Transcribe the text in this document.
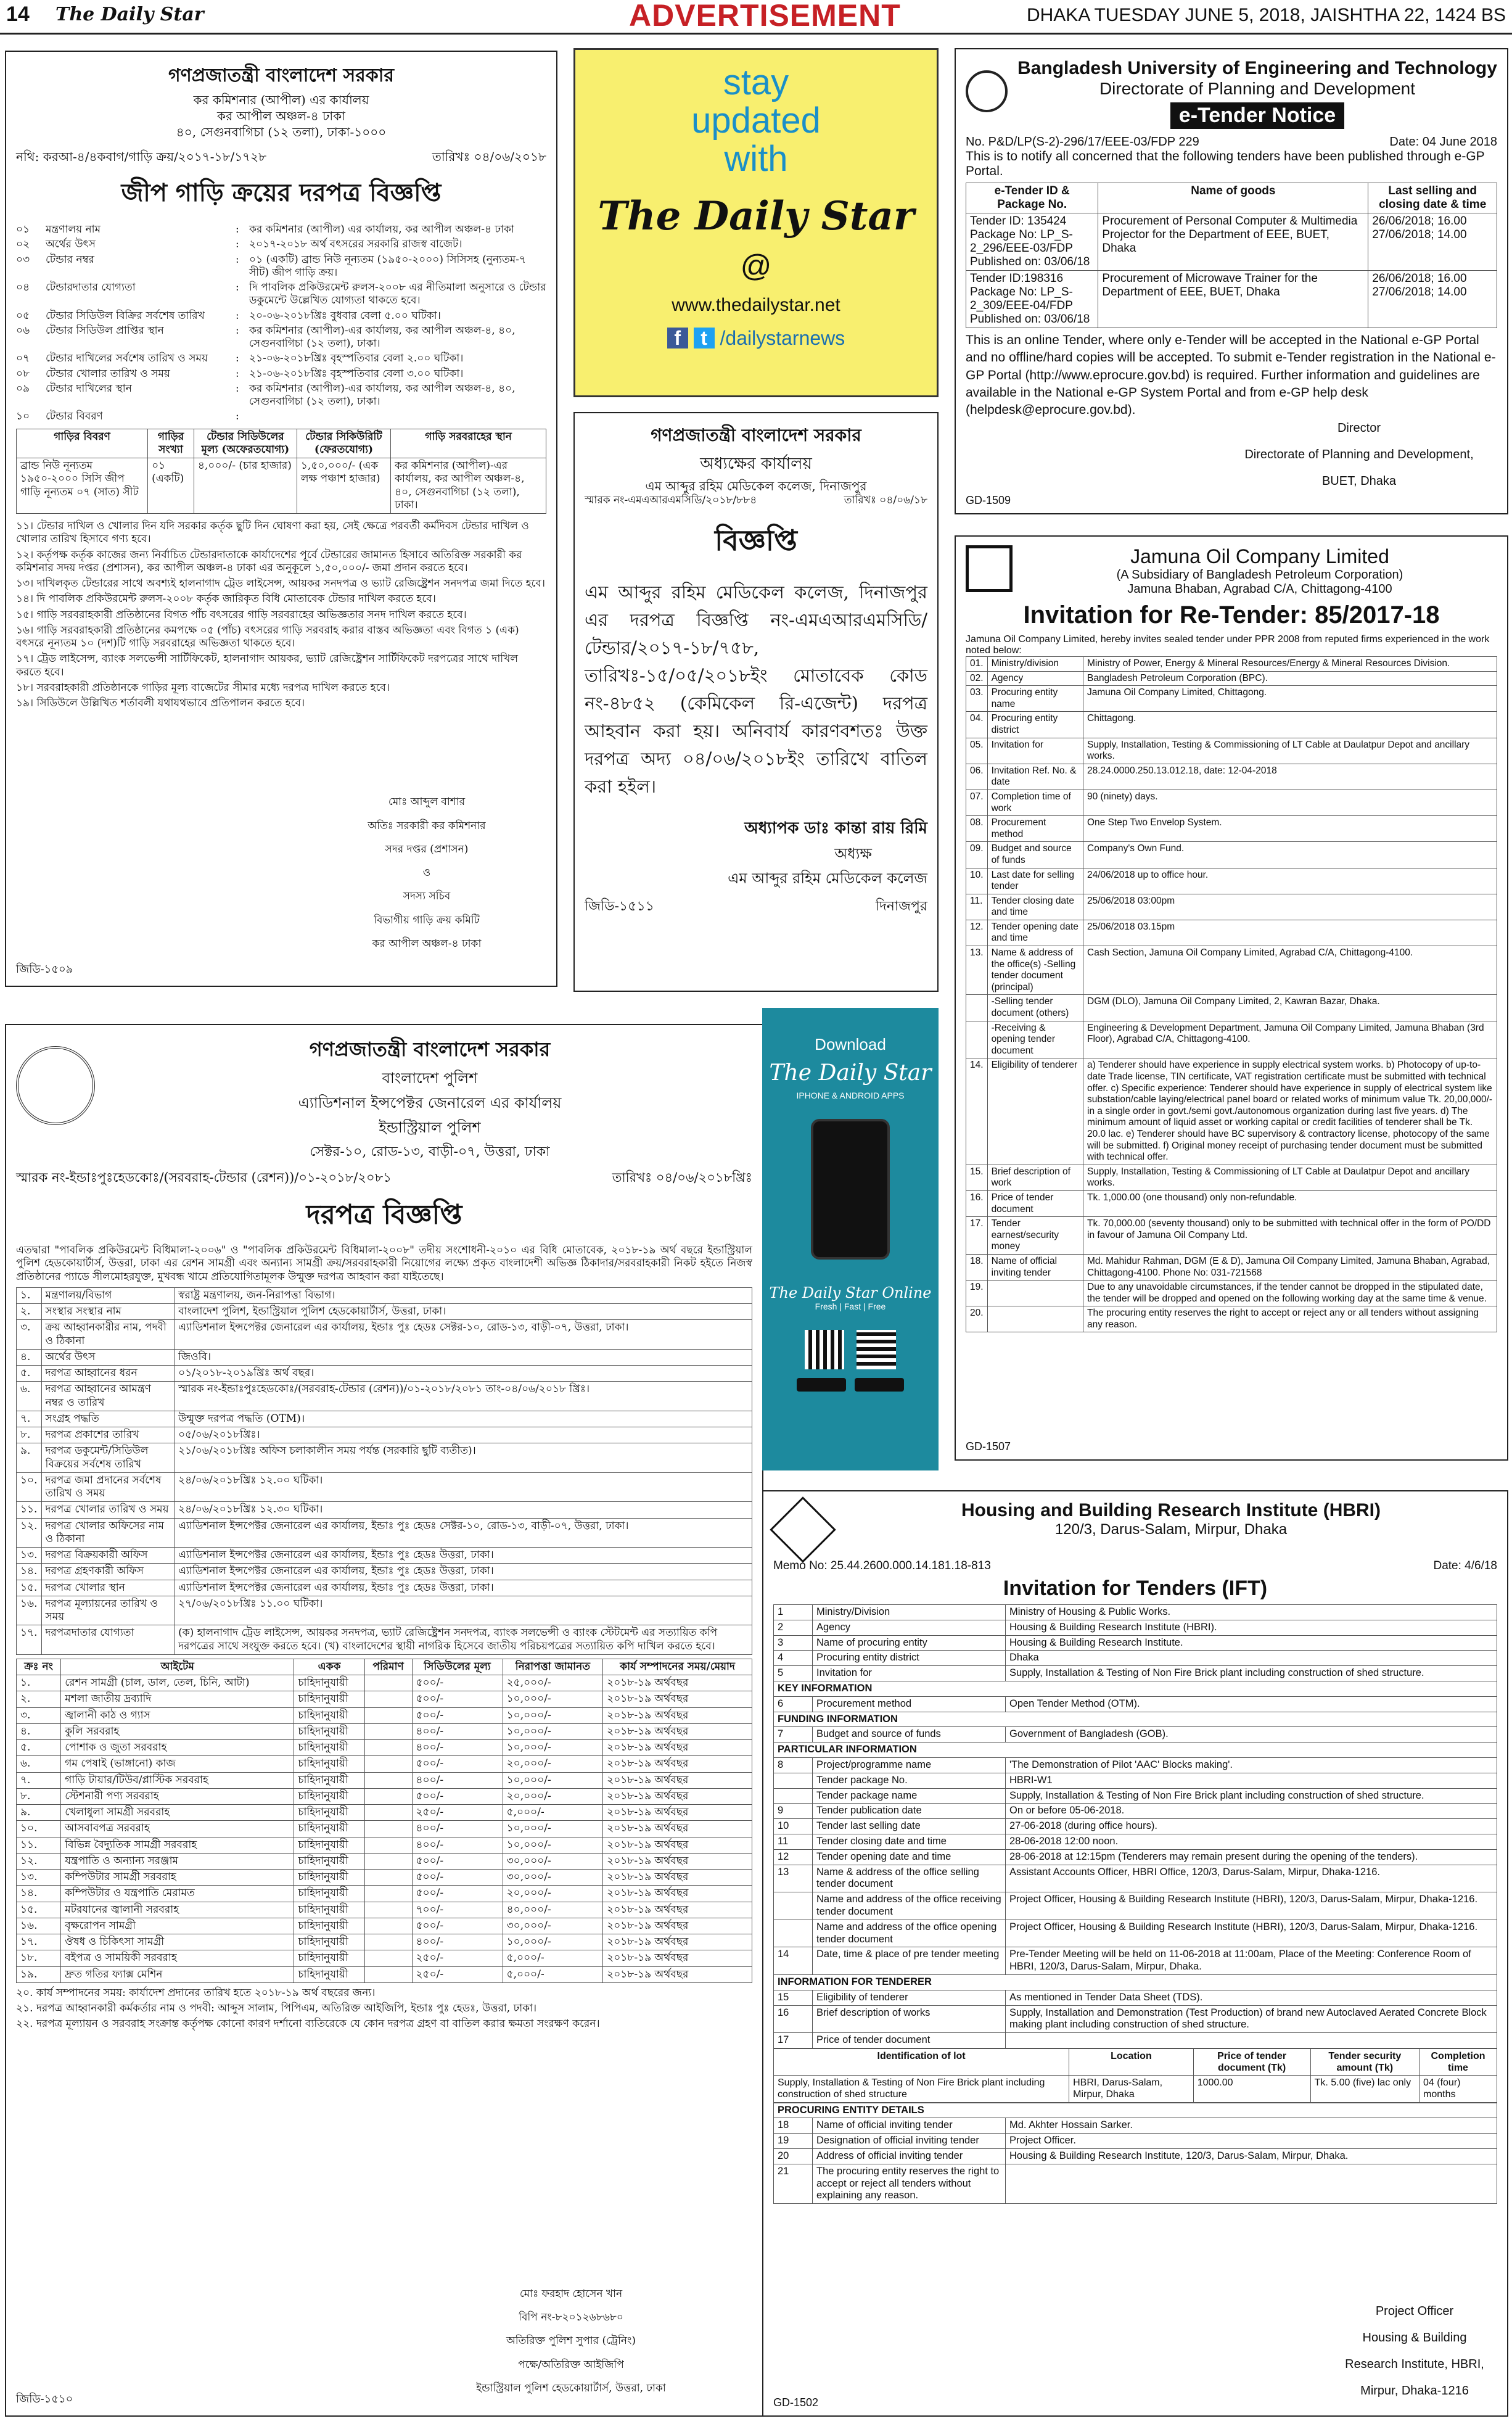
14 The Daily Star	ADVERTISEMENT	DHAKA TUESDAY JUNE 5, 2018, JAISHTHA 22, 1424 BS
গণপ্রজাতন্ত্রী বাংলাদেশ সরকার
কর কমিশনার (আপীল) এর কার্যালয়
কর আপীল অঞ্চল-৪ ঢাকা
৪০, সেগুনবাগিচা (১২ তলা), ঢাকা-১০০০
নথি: করআ-৪/৪কবাগ/গাড়ি ক্রয়/২০১৭-১৮/১৭২৮	তারিখঃ ০৪/০৬/২০১৮
জীপ গাড়ি ক্রয়ের দরপত্র বিজ্ঞপ্তি
০১	মন্ত্রণালয় নাম	: কর কমিশনার (আপীল) এর কার্যালয়, কর আপীল অঞ্চল-৪ ঢাকা
০২	অর্থের উৎস	: ২০১৭-২০১৮ অর্থ বৎসরের সরকারি রাজস্ব বাজেট।
০৩	টেন্ডার নম্বর	: ০১ (একটি) ব্রান্ড নিউ নূন্যতম (১৯৫০-২০০০) সিসিসহ (নুন্যতম-৭ সীট) জীপ গাড়ি ক্রয়।
০৪	টেন্ডারদাতার যোগ্যতা	: দি পাবলিক প্রকিউরমেন্ট রুলস-২০০৮ এর নীতিমালা অনুসারে ও টেন্ডার ডকুমেন্টে উল্লেখিত যোগ্যতা থাকতে হবে।
০৫	টেন্ডার সিডিউল বিক্রির সর্বশেষ তারিখ	: ২০-০৬-২০১৮খ্রিঃ বুধবার বেলা ৫.০০ ঘটিকা।
০৬	টেন্ডার সিডিউল প্রাপ্তির স্থান	: কর কমিশনার (আপীল)-এর কার্যালয়, কর আপীল অঞ্চল-৪, ৪০, সেগুনবাগিচা (১২ তলা), ঢাকা।
০৭	টেন্ডার দাখিলের সর্বশেষ তারিখ ও সময়	: ২১-০৬-২০১৮খ্রিঃ বৃহস্পতিবার বেলা ২.০০ ঘটিকা।
০৮	টেন্ডার খোলার তারিখ ও সময়	: ২১-০৬-২০১৮খ্রিঃ বৃহস্পতিবার বেলা ৩.০০ ঘটিকা।
০৯	টেন্ডার দাখিলের স্থান	: কর কমিশনার (আপীল)-এর কার্যালয়, কর আপীল অঞ্চল-৪, ৪০, সেগুনবাগিচা (১২ তলা), ঢাকা।
১০	টেন্ডার বিবরণ	:
গাড়ির বিবরণ	গাড়ির সংখ্যা	টেন্ডার সিডিউলের মূল্য (অফেরতযোগ্য)	টেন্ডার সিকিউরিটি (ফেরতযোগ্য)	গাড়ি সরবরাহের স্থান
ব্রান্ড নিউ নূন্যতম ১৯৫০-২০০০ সিসি জীপ গাড়ি নূন্যতম ০৭ (সাত) সীট	০১ (একটি)	৪,০০০/- (চার হাজার)	১,৫০,০০০/- (এক লক্ষ পঞ্চাশ হাজার)	কর কমিশনার (আপীল)-এর কার্যালয়, কর আপীল অঞ্চল-৪, ৪০, সেগুনবাগিচা (১২ তলা), ঢাকা।

১১। টেন্ডার দাখিল ও খোলার দিন যদি সরকার কর্তৃক ছুটি দিন ঘোষণা করা হয়, সেই ক্ষেত্রে পরবর্তী কর্মদিবস টেন্ডার দাখিল ও খোলার তারিখ হিসাবে গণ্য হবে।

১২। কর্তৃপক্ষ কর্তৃক কাজের জন্য নির্বাচিত টেন্ডারদাতাকে কার্যাদেশের পূর্বে টেন্ডারের জামানত হিসাবে অতিরিক্ত সরকারী কর কমিশনার সদয় দপ্তর (প্রশাসন), কর আপীল অঞ্চল-৪ ঢাকা এর অনুকূলে ১,৫০,০০০/- জমা প্রদান করতে হবে।

১৩। দাখিলকৃত টেন্ডারের সাথে অবশ্যই হালনাগাদ ট্রেড লাইসেন্স, আয়কর সনদপত্র ও ভ্যাট রেজিষ্ট্রেশন সনদপত্র জমা দিতে হবে।

১৪। দি পাবলিক প্রকিউরমেন্ট রুলস-২০০৮ কর্তৃক জারিকৃত বিধি মোতাবেক টেন্ডার দাখিল করতে হবে।

১৫। গাড়ি সরবরাহকারী প্রতিষ্ঠানের বিগত পাঁচ বৎসরের গাড়ি সরবরাহের অভিজ্ঞতার সনদ দাখিল করতে হবে।

১৬। গাড়ি সরবরাহকারী প্রতিষ্ঠানের কমপক্ষে ০৫ (পাঁচ) বৎসরের গাড়ি সরবরাহ করার বাস্তব অভিজ্ঞতা এবং বিগত ১ (এক) বৎসরে নূন্যতম ১০ (দশ)টি গাড়ি সরবরাহের অভিজ্ঞতা থাকতে হবে।

১৭। ট্রেড লাইসেন্স, ব্যাংক সলভেন্সী সার্টিফিকেট, হালনাগাদ আয়কর, ভ্যাট রেজিষ্ট্রেশন সার্টিফিকেট দরপত্রের সাথে দাখিল করতে হবে।

১৮। সরবরাহকারী প্রতিষ্ঠানকে গাড়ির মূল্য বাজেটের সীমার মধ্যে দরপত্র দাখিল করতে হবে।

১৯। সিডিউলে উল্লিখিত শর্তাবলী যথাযথভাবে প্রতিপালন করতে হবে।

মোঃ আব্দুল বাশার

অতিঃ সরকারী কর কমিশনার

সদর দপ্তর (প্রশাসন)

ও

সদস্য সচিব

বিভাগীয় গাড়ি ক্রয় কমিটি

কর আপীল অঞ্চল-৪ ঢাকা

জিডি-১৫০৯
stay
updated
with
The Daily Star
@
www.thedailystar.net
f t /dailystarnews
গণপ্রজাতন্ত্রী বাংলাদেশ সরকার
অধ্যক্ষের কার্যালয়
এম আব্দুর রহিম মেডিকেল কলেজ, দিনাজপুর
স্মারক নং-এমএআরএমসিডি/২০১৮/৮৮৪	তারিখঃ ০৪/০৬/১৮
বিজ্ঞপ্তি
এম আব্দুর রহিম মেডিকেল কলেজ, দিনাজপুর এর দরপত্র বিজ্ঞপ্তি নং-এমএআরএমসিডি/টেন্ডার/২০১৭-১৮/৭৫৮, তারিখঃ-১৫/০৫/২০১৮ইং মোতাবেক কোড নং-৪৮৫২ (কেমিকেল রি-এজেন্ট) দরপত্র আহবান করা হয়। অনিবার্য কারণবশতঃ উক্ত দরপত্র অদ্য ০৪/০৬/২০১৮ইং তারিখে বাতিল করা হইল।
অধ্যাপক ডাঃ কান্তা রায় রিমি
অধ্যক্ষ
এম আব্দুর রহিম মেডিকেল কলেজ
জিডি-১৫১১	দিনাজপুর
Bangladesh University of Engineering and Technology
Directorate of Planning and Development
e-Tender Notice
No. P&D/LP(S-2)-296/17/EEE-03/FDP 229	Date: 04 June 2018
This is to notify all concerned that the following tenders have been published through e-GP Portal.
e-Tender ID & Package No.	Name of goods	Last selling and closing date & time
Tender ID: 135424
Package No: LP_S-2_296/EEE-03/FDP
Published on: 03/06/18	Procurement of Personal Computer & Multimedia Projector for the Department of EEE, BUET, Dhaka	26/06/2018; 16.00
27/06/2018; 14.00
Tender ID:198316
Package No: LP_S-2_309/EEE-04/FDP
Published on: 03/06/18	Procurement of Microwave Trainer for the Department of EEE, BUET, Dhaka	26/06/2018; 16.00
27/06/2018; 14.00
This is an online Tender, where only e-Tender will be accepted in the National e-GP Portal and no offline/hard copies will be accepted. To submit e-Tender registration in the National e-GP Portal (http://www.eprocure.gov.bd) is required. Further information and guidelines are available in the National e-GP System Portal and from e-GP help desk (helpdesk@eprocure.gov.bd).

Director

Directorate of Planning and Development,

BUET, Dhaka

GD-1509
গণপ্রজাতন্ত্রী বাংলাদেশ সরকার
বাংলাদেশ পুলিশ
এ্যাডিশনাল ইন্সপেক্টর জেনারেল এর কার্যালয়
ইন্ডাস্ট্রিয়াল পুলিশ
সেক্টর-১০, রোড-১৩, বাড়ী-০৭, উত্তরা, ঢাকা
স্মারক নং-ইন্ডাঃপুঃহেডকোঃ/(সরবরাহ-টেন্ডার (রেশন))/০১-২০১৮/২০৮১	তারিখঃ ০৪/০৬/২০১৮খ্রিঃ
দরপত্র বিজ্ঞপ্তি
এতদ্বারা "পাবলিক প্রকিউরমেন্ট বিধিমালা-২০০৬" ও "পাবলিক প্রকিউরমেন্ট বিধিমালা-২০০৮" তদীয় সংশোধনী-২০১০ এর বিধি মোতাবেক, ২০১৮-১৯ অর্থ বছরে ইন্ডাস্ট্রিয়াল পুলিশ হেডকোয়ার্টার্স, উত্তরা, ঢাকা এর রেশন সামগ্রী এবং অন্যান্য সামগ্রী ক্রয়/সরবরাহকারী নিয়োগের লক্ষ্যে প্রকৃত বাংলাদেশী অভিজ্ঞ ঠিকাদার/সরবরাহকারী নিকট হইতে নিজস্ব প্রতিষ্ঠানের প্যাডে সীলমোহরযুক্ত, মুখবন্ধ খামে প্রতিযোগিতামূলক উন্মুক্ত দরপত্র আহবান করা যাইতেছে।
১.	মন্ত্রণালয়/বিভাগ	স্বরাষ্ট্র মন্ত্রণালয়, জন-নিরাপত্তা বিভাগ।
২.	সংস্থার সংস্থার নাম	বাংলাদেশ পুলিশ, ইন্ডাস্ট্রিয়াল পুলিশ হেডকোয়ার্টার্স, উত্তরা, ঢাকা।
৩.	ক্রয় আহ্বানকারীর নাম, পদবী ও ঠিকানা	এ্যাডিশনাল ইন্সপেক্টর জেনারেল এর কার্যালয়, ইন্ডাঃ পুঃ হেডঃ সেক্টর-১০, রোড-১৩, বাড়ী-০৭, উত্তরা, ঢাকা।
৪.	অর্থের উৎস	জিওবি।
৫.	দরপত্র আহ্বানের ধরন	০১/২০১৮-২০১৯খ্রিঃ অর্থ বছর।
৬.	দরপত্র আহ্বানের আমন্ত্রণ নম্বর ও তারিখ	স্মারক নং-ইন্ডাঃপুঃহেডকোঃ/(সরবরাহ-টেন্ডার (রেশন))/০১-২০১৮/২০৮১ তাং-০৪/০৬/২০১৮ খ্রিঃ।
৭.	সংগ্রহ পদ্ধতি	উন্মুক্ত দরপত্র পদ্ধতি (OTM)।
৮.	দরপত্র প্রকাশের তারিখ	০৫/০৬/২০১৮খ্রিঃ।
৯.	দরপত্র ডকুমেন্ট/সিডিউল বিক্রয়ের সর্বশেষ তারিখ	২১/০৬/২০১৮খ্রিঃ অফিস চলাকালীন সময় পর্যন্ত (সরকারি ছুটি ব্যতীত)।
১০.	দরপত্র জমা প্রদানের সর্বশেষ তারিখ ও সময়	২৪/০৬/২০১৮খ্রিঃ ১২.০০ ঘটিকা।
১১.	দরপত্র খোলার তারিখ ও সময়	২৪/০৬/২০১৮খ্রিঃ ১২.৩০ ঘটিকা।
১২.	দরপত্র খোলার অফিসের নাম ও ঠিকানা	এ্যাডিশনাল ইন্সপেক্টর জেনারেল এর কার্যালয়, ইন্ডাঃ পুঃ হেডঃ সেক্টর-১০, রোড-১৩, বাড়ী-০৭, উত্তরা, ঢাকা।
১৩.	দরপত্র বিক্রয়কারী অফিস	এ্যাডিশনাল ইন্সপেক্টর জেনারেল এর কার্যালয়, ইন্ডাঃ পুঃ হেডঃ উত্তরা, ঢাকা।
১৪.	দরপত্র গ্রহণকারী অফিস	এ্যাডিশনাল ইন্সপেক্টর জেনারেল এর কার্যালয়, ইন্ডাঃ পুঃ হেডঃ উত্তরা, ঢাকা।
১৫.	দরপত্র খোলার স্থান	এ্যাডিশনাল ইন্সপেক্টর জেনারেল এর কার্যালয়, ইন্ডাঃ পুঃ হেডঃ উত্তরা, ঢাকা।
১৬.	দরপত্র মূল্যায়নের তারিখ ও সময়	২৭/০৬/২০১৮খ্রিঃ ১১.০০ ঘটিকা।
১৭.	দরপত্রদাতার যোগ্যতা	(ক) হালনাগাদ ট্রেড লাইসেন্স, আয়কর সনদপত্র, ভ্যাট রেজিষ্ট্রেশন সনদপত্র, ব্যাংক সলভেন্সী ও ব্যাংক স্টেটমেন্ট এর সত্যায়িত কপি দরপত্রের সাথে সংযুক্ত করতে হবে। (খ) বাংলাদেশের স্থায়ী নাগরিক হিসেবে জাতীয় পরিচয়পত্রের সত্যায়িত কপি দাখিল করতে হবে।
ক্রঃ নং	আইটেম	একক	পরিমাণ	সিডিউলের মূল্য	নিরাপত্তা জামানত	কার্য সম্পাদনের সময়/মেয়াদ
১.	রেশন সামগ্রী (চাল, ডাল, তেল, চিনি, আটা)	চাহিদানুযায়ী		৫০০/-	২৫,০০০/-	২০১৮-১৯ অর্থবছর
২.	মশলা জাতীয় দ্রব্যাদি	চাহিদানুযায়ী		৫০০/-	১০,০০০/-	২০১৮-১৯ অর্থবছর
৩.	জ্বালানী কাঠ ও গ্যাস	চাহিদানুযায়ী		৫০০/-	১০,০০০/-	২০১৮-১৯ অর্থবছর
৪.	কুলি সরবরাহ	চাহিদানুযায়ী		৪০০/-	১০,০০০/-	২০১৮-১৯ অর্থবছর
৫.	পোশাক ও জুতা সরবরাহ	চাহিদানুযায়ী		৪০০/-	১০,০০০/-	২০১৮-১৯ অর্থবছর
৬.	গম পেষাই (ভাঙ্গানো) কাজ	চাহিদানুযায়ী		৫০০/-	২০,০০০/-	২০১৮-১৯ অর্থবছর
৭.	গাড়ি টায়ার/টিউব/প্লাস্টিক সরবরাহ	চাহিদানুযায়ী		৪০০/-	১০,০০০/-	২০১৮-১৯ অর্থবছর
৮.	স্টেশনারী পণ্য সরবরাহ	চাহিদানুযায়ী		৫০০/-	২০,০০০/-	২০১৮-১৯ অর্থবছর
৯.	খেলাধুলা সামগ্রী সরবরাহ	চাহিদানুযায়ী		২৫০/-	৫,০০০/-	২০১৮-১৯ অর্থবছর
১০.	আসবাবপত্র সরবরাহ	চাহিদানুযায়ী		৪০০/-	১০,০০০/-	২০১৮-১৯ অর্থবছর
১১.	বিভিন্ন বৈদ্যুতিক সামগ্রী সরবরাহ	চাহিদানুযায়ী		৪০০/-	১০,০০০/-	২০১৮-১৯ অর্থবছর
১২.	যন্ত্রপাতি ও অন্যান্য সরঞ্জাম	চাহিদানুযায়ী		৫০০/-	৩০,০০০/-	২০১৮-১৯ অর্থবছর
১৩.	কম্পিউটার সামগ্রী সরবরাহ	চাহিদানুযায়ী		৫০০/-	৩০,০০০/-	২০১৮-১৯ অর্থবছর
১৪.	কম্পিউটার ও যন্ত্রপাতি মেরামত	চাহিদানুযায়ী		৫০০/-	২০,০০০/-	২০১৮-১৯ অর্থবছর
১৫.	মটরযানের জ্বালানী সরবরাহ	চাহিদানুযায়ী		৭০০/-	৪০,০০০/-	২০১৮-১৯ অর্থবছর
১৬.	বৃক্ষরোপন সামগ্রী	চাহিদানুযায়ী		৫০০/-	৩০,০০০/-	২০১৮-১৯ অর্থবছর
১৭.	ঔষধ ও চিকিৎসা সামগ্রী	চাহিদানুযায়ী		৪০০/-	১০,০০০/-	২০১৮-১৯ অর্থবছর
১৮.	বইপত্র ও সাময়িকী সরবরাহ	চাহিদানুযায়ী		২৫০/-	৫,০০০/-	২০১৮-১৯ অর্থবছর
১৯.	দ্রুত গতির ফ্যাক্স মেশিন	চাহিদানুযায়ী		২৫০/-	৫,০০০/-	২০১৮-১৯ অর্থবছর

২০. কার্য সম্পাদনের সময়: কার্যাদেশ প্রদানের তারিখ হতে ২০১৮-১৯ অর্থ বছরের জন্য।

২১. দরপত্র আহ্বানকারী কর্মকর্তার নাম ও পদবী: আব্দুস সালাম, পিপিএম, অতিরিক্ত আইজিপি, ইন্ডাঃ পুঃ হেডঃ, উত্তরা, ঢাকা।

২২. দরপত্র মূল্যায়ন ও সরবরাহ সংক্রান্ত কর্তৃপক্ষ কোনো কারণ দর্শানো ব্যতিরেকে যে কোন দরপত্র গ্রহণ বা বাতিল করার ক্ষমতা সংরক্ষণ করেন।

মোঃ ফরহাদ হোসেন খান

বিপি নং-৮২০১২৬৮৬৮০

অতিরিক্ত পুলিশ সুপার (ট্রেনিং)

পক্ষে/অতিরিক্ত আইজিপি

ইন্ডাস্ট্রিয়াল পুলিশ হেডকোয়ার্টার্স, উত্তরা, ঢাকা

জিডি-১৫১০
Download
The Daily Star
IPHONE & ANDROID APPS
The Daily Star Online
Fresh | Fast | Free
Jamuna Oil Company Limited
(A Subsidiary of Bangladesh Petroleum Corporation)
Jamuna Bhaban, Agrabad C/A, Chittagong-4100
Invitation for Re-Tender: 85/2017-18
Jamuna Oil Company Limited, hereby invites sealed tender under PPR 2008 from reputed firms experienced in the work noted below:
01.	Ministry/division	Ministry of Power, Energy & Mineral Resources/Energy & Mineral Resources Division.
02.	Agency	Bangladesh Petroleum Corporation (BPC).
03.	Procuring entity name	Jamuna Oil Company Limited, Chittagong.
04.	Procuring entity district	Chittagong.
05.	Invitation for	Supply, Installation, Testing & Commissioning of LT Cable at Daulatpur Depot and ancillary works.
06.	Invitation Ref. No. & date	28.24.0000.250.13.012.18, date: 12-04-2018
07.	Completion time of work	90 (ninety) days.
08.	Procurement method	One Step Two Envelop System.
09.	Budget and source of funds	Company's Own Fund.
10.	Last date for selling tender	24/06/2018 up to office hour.
11.	Tender closing date and time	25/06/2018 03:00pm
12.	Tender opening date and time	25/06/2018 03.15pm
13.	Name & address of the office(s) -Selling tender document (principal)	Cash Section, Jamuna Oil Company Limited, Agrabad C/A, Chittagong-4100.
	-Selling tender document (others)	DGM (DLO), Jamuna Oil Company Limited, 2, Kawran Bazar, Dhaka.
	-Receiving & opening tender document	Engineering & Development Department, Jamuna Oil Company Limited, Jamuna Bhaban (3rd Floor), Agrabad C/A, Chittagong-4100.
14.	Eligibility of tenderer	a) Tenderer should have experience in supply electrical system works. b) Photocopy of up-to-date Trade license, TIN certificate, VAT registration certificate must be submitted with technical offer. c) Specific experience: Tenderer should have experience in supply of electrical system like substation/cable laying/electrical panel board or related works of minimum value Tk. 20,00,000/- in a single order in govt./semi govt./autonomous organization during last five years. d) The minimum amount of liquid asset or working capital or credit facilities of tenderer shall be Tk. 20.0 lac. e) Tenderer should have BC supervisory & contractory license, photocopy of the same will be submitted. f) Original money receipt of purchasing tender document must be submitted with technical offer.
15.	Brief description of work	Supply, Installation, Testing & Commissioning of LT Cable at Daulatpur Depot and ancillary works.
16.	Price of tender document	Tk. 1,000.00 (one thousand) only non-refundable.
17.	Tender earnest/security money	Tk. 70,000.00 (seventy thousand) only to be submitted with technical offer in the form of PO/DD in favour of Jamuna Oil Company Ltd.
18.	Name of official inviting tender	Md. Mahidur Rahman, DGM (E & D), Jamuna Oil Company Limited, Jamuna Bhaban, Agrabad, Chittagong-4100. Phone No: 031-721568
19.		Due to any unavoidable circumstances, if the tender cannot be dropped in the stipulated date, the tender will be dropped and opened on the following working day at the same time & venue.
20.		The procuring entity reserves the right to accept or reject any or all tenders without assigning any reason.
GD-1507
Housing and Building Research Institute (HBRI)
120/3, Darus-Salam, Mirpur, Dhaka
Memo No: 25.44.2600.000.14.181.18-813	Date: 4/6/18
Invitation for Tenders (IFT)
1	Ministry/Division	Ministry of Housing & Public Works.
2	Agency	Housing & Building Research Institute (HBRI).
3	Name of procuring entity	Housing & Building Research Institute.
4	Procuring entity district	Dhaka
5	Invitation for	Supply, Installation & Testing of Non Fire Brick plant including construction of shed structure.
KEY INFORMATION		
6	Procurement method	Open Tender Method (OTM).
FUNDING INFORMATION		
7	Budget and source of funds	Government of Bangladesh (GOB).
PARTICULAR INFORMATION		
8	Project/programme name	'The Demonstration of Pilot 'AAC' Blocks making'.
	Tender package No.	HBRI-W1
	Tender package name	Supply, Installation & Testing of Non Fire Brick plant including construction of shed structure.
9	Tender publication date	On or before 05-06-2018.
10	Tender last selling date	27-06-2018 (during office hours).
11	Tender closing date and time	28-06-2018 12:00 noon.
12	Tender opening date and time	28-06-2018 at 12:15pm (Tenderers may remain present during the opening of the tenders).
13	Name & address of the office selling tender document	Assistant Accounts Officer, HBRI Office, 120/3, Darus-Salam, Mirpur, Dhaka-1216.
	Name and address of the office receiving tender document	Project Officer, Housing & Building Research Institute (HBRI), 120/3, Darus-Salam, Mirpur, Dhaka-1216.
	Name and address of the office opening tender document	Project Officer, Housing & Building Research Institute (HBRI), 120/3, Darus-Salam, Mirpur, Dhaka-1216.
14	Date, time & place of pre tender meeting	Pre-Tender Meeting will be held on 11-06-2018 at 11:00am, Place of the Meeting: Conference Room of HBRI, 120/3, Darus-Salam, Mirpur, Dhaka.
INFORMATION FOR TENDERER		
15	Eligibility of tenderer	As mentioned in Tender Data Sheet (TDS).
16	Brief description of works	Supply, Installation and Demonstration (Test Production) of brand new Autoclaved Aerated Concrete Block making plant including construction of shed structure.
17	Price of tender document	
Identification of lot	Location	Price of tender document (Tk)	Tender security amount (Tk)	Completion time
Supply, Installation & Testing of Non Fire Brick plant including construction of shed structure	HBRI, Darus-Salam, Mirpur, Dhaka	1000.00	Tk. 5.00 (five) lac only	04 (four) months
PROCURING ENTITY DETAILS		
18	Name of official inviting tender	Md. Akhter Hossain Sarker.
19	Designation of official inviting tender	Project Officer.
20	Address of official inviting tender	Housing & Building Research Institute, 120/3, Darus-Salam, Mirpur, Dhaka.
21	The procuring entity reserves the right to accept or reject all tenders without explaining any reason.	

Project Officer

Housing & Building

Research Institute, HBRI,

Mirpur, Dhaka-1216

GD-1502
